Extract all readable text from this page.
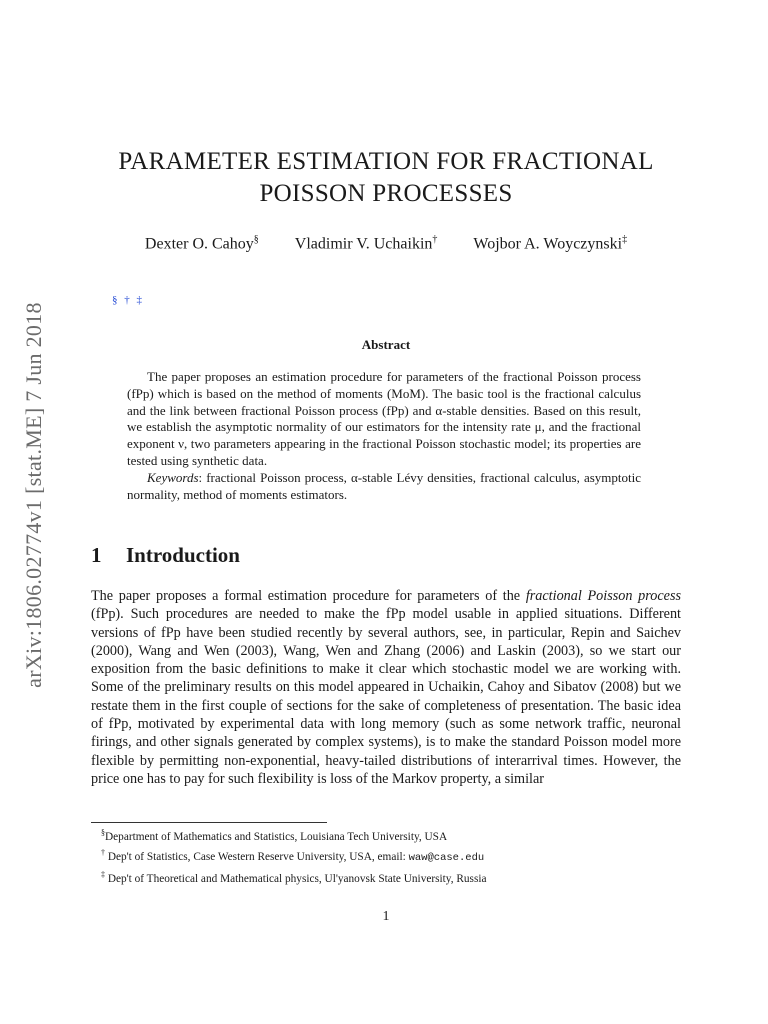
arXiv:1806.02774v1 [stat.ME] 7 Jun 2018
PARAMETER ESTIMATION FOR FRACTIONAL
POISSON PROCESSES
Dexter O. Cahoy§ Vladimir V. Uchaikin† Wojbor A. Woyczynski‡
§ † ‡
Abstract

The paper proposes an estimation procedure for parameters of the fractional Poisson process (fPp) which is based on the method of moments (MoM). The basic tool is the fractional calculus and the link between fractional Poisson process (fPp) and α-stable densities. Based on this result, we establish the asymptotic normality of our estimators for the intensity rate μ, and the fractional exponent ν, two parameters appearing in the fractional Poisson stochastic model; its properties are tested using synthetic data.

Keywords: fractional Poisson process, α-stable Lévy densities, fractional calculus, asymptotic normality, method of moments estimators.

1 Introduction

The paper proposes a formal estimation procedure for parameters of the fractional Poisson process (fPp). Such procedures are needed to make the fPp model usable in applied situations. Different versions of fPp have been studied recently by several authors, see, in particular, Repin and Saichev (2000), Wang and Wen (2003), Wang, Wen and Zhang (2006) and Laskin (2003), so we start our exposition from the basic definitions to make it clear which stochastic model we are working with. Some of the preliminary results on this model appeared in Uchaikin, Cahoy and Sibatov (2008) but we restate them in the first couple of sections for the sake of completeness of presentation. The basic idea of fPp, motivated by experimental data with long memory (such as some network traffic, neuronal firings, and other signals generated by complex systems), is to make the standard Poisson model more flexible by permitting non-exponential, heavy-tailed distributions of interarrival times. However, the price one has to pay for such flexibility is loss of the Markov property, a similar

§Department of Mathematics and Statistics, Louisiana Tech University, USA
† Dep't of Statistics, Case Western Reserve University, USA, email: waw@case.edu
‡ Dep't of Theoretical and Mathematical physics, Ul'yanovsk State University, Russia
1
